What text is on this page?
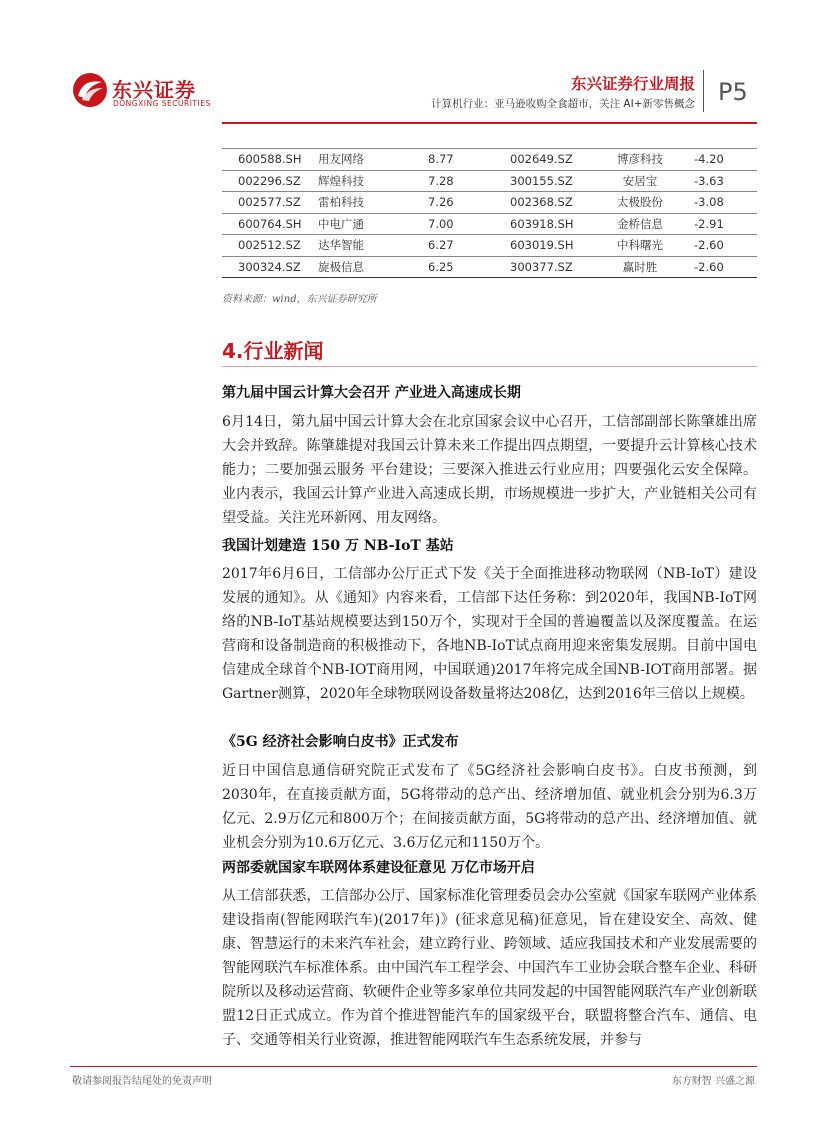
东兴证券
DONGXING SECURITIES
东兴证券行业周报
计算机行业：亚马逊收购全食超市，关注 AI+新零售概念 P5
600588.SH	用友网络	8.77	002649.SZ	博彦科技	-4.20
002296.SZ	辉煌科技	7.28	300155.SZ	安居宝	-3.63
002577.SZ	雷柏科技	7.26	002368.SZ	太极股份	-3.08
600764.SH	中电广通	7.00	603918.SH	金桥信息	-2.91
002512.SZ	达华智能	6.27	603019.SH	中科曙光	-2.60
300324.SZ	旋极信息	6.25	300377.SZ	赢时胜	-2.60
资料来源：wind，东兴证券研究所
4.行业新闻
第九届中国云计算大会召开 产业进入高速成长期

6月14日，第九届中国云计算大会在北京国家会议中心召开，工信部副部长陈肇雄出席大会并致辞。陈肇雄提对我国云计算未来工作提出四点期望，一要提升云计算核心技术能力；二要加强云服务 平台建设；三要深入推进云行业应用；四要强化云安全保障。业内表示，我国云计算产业进入高速成长期，市场规模进一步扩大，产业链相关公司有望受益。关注光环新网、用友网络。

我国计划建造 150 万 NB-IoT 基站

2017年6月6日，工信部办公厅正式下发《关于全面推进移动物联网（NB-IoT）建设发展的通知》。从《通知》内容来看，工信部下达任务称：到2020年，我国NB-IoT网络的NB-IoT基站规模要达到150万个，实现对于全国的普遍覆盖以及深度覆盖。在运营商和设备制造商的积极推动下，各地NB-IoT试点商用迎来密集发展期。目前中国电信建成全球首个NB-IOT商用网，中国联通)2017年将完成全国NB-IOT商用部署。据Gartner测算，2020年全球物联网设备数量将达208亿，达到2016年三倍以上规模。

《5G 经济社会影响白皮书》正式发布

近日中国信息通信研究院正式发布了《5G经济社会影响白皮书》。白皮书预测，到2030年，在直接贡献方面，5G将带动的总产出、经济增加值、就业机会分别为6.3万亿元、2.9万亿元和800万个；在间接贡献方面，5G将带动的总产出、经济增加值、就业机会分别为10.6万亿元、3.6万亿元和1150万个。

两部委就国家车联网体系建设征意见 万亿市场开启

从工信部获悉，工信部办公厅、国家标准化管理委员会办公室就《国家车联网产业体系建设指南(智能网联汽车)(2017年)》(征求意见稿)征意见，旨在建设安全、高效、健康、智慧运行的未来汽车社会，建立跨行业、跨领域、适应我国技术和产业发展需要的智能网联汽车标准体系。由中国汽车工程学会、中国汽车工业协会联合整车企业、科研院所以及移动运营商、软硬件企业等多家单位共同发起的中国智能网联汽车产业创新联盟12日正式成立。作为首个推进智能汽车的国家级平台，联盟将整合汽车、通信、电子、交通等相关行业资源，推进智能网联汽车生态系统发展，并参与

敬请参阅报告结尾处的免责声明	东方财智 兴盛之源
